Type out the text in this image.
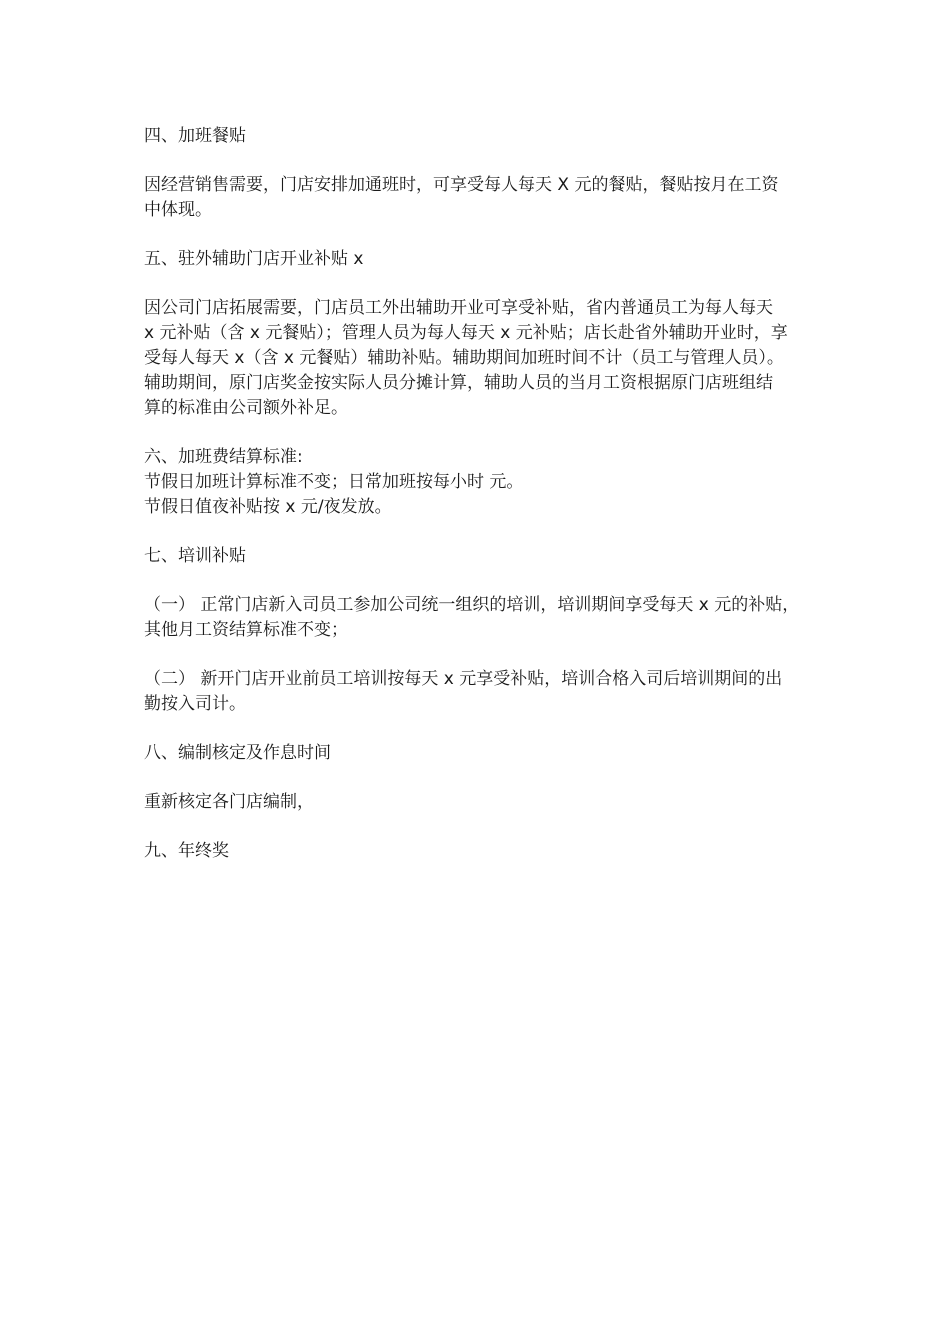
四、加班餐贴
因经营销售需要，门店安排加通班时，可享受每人每天 X 元的餐贴，餐贴按月在工资
中体现。
五、驻外辅助门店开业补贴 x
因公司门店拓展需要，门店员工外出辅助开业可享受补贴，省内普通员工为每人每天
x 元补贴（含 x 元餐贴）；管理人员为每人每天 x 元补贴；店长赴省外辅助开业时，享
受每人每天 x（含 x 元餐贴）辅助补贴。辅助期间加班时间不计（员工与管理人员）。
辅助期间，原门店奖金按实际人员分摊计算，辅助人员的当月工资根据原门店班组结
算的标准由公司额外补足。
六、加班费结算标准:
节假日加班计算标准不变；日常加班按每小时 元。
节假日值夜补贴按 x 元/夜发放。
七、培训补贴
（一） 正常门店新入司员工参加公司统一组织的培训，培训期间享受每天 x 元的补贴，
其他月工资结算标准不变；
（二） 新开门店开业前员工培训按每天 x 元享受补贴，培训合格入司后培训期间的出
勤按入司计。
八、编制核定及作息时间
重新核定各门店编制，
九、年终奖
